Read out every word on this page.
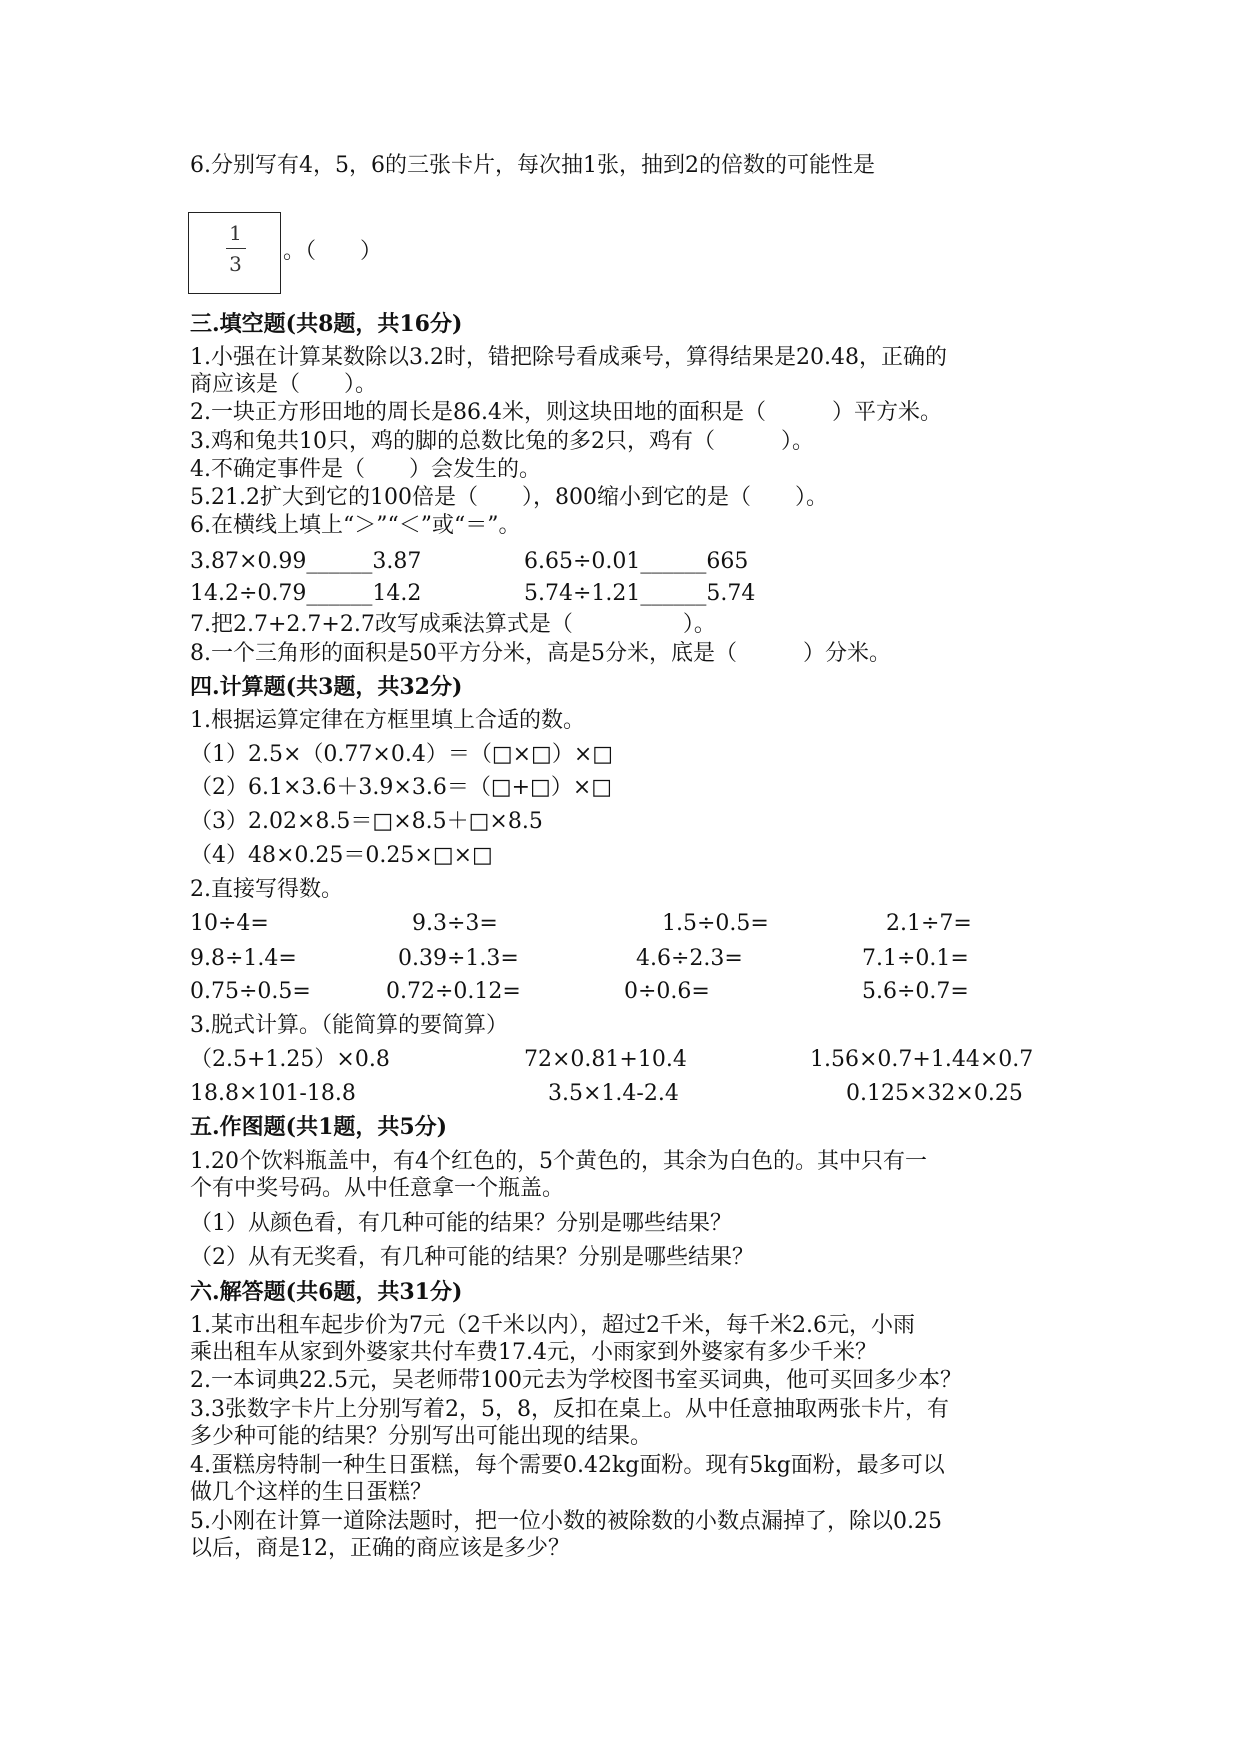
6.分别写有4，5，6的三张卡片，每次抽1张，抽到2的倍数的可能性是
1
3	。（　　）
三.填空题(共8题，共16分)
1.小强在计算某数除以3.2时，错把除号看成乘号，算得结果是20.48，正确的
商应该是（　　）。
2.一块正方形田地的周长是86.4米，则这块田地的面积是（　　　）平方米。
3.鸡和兔共10只，鸡的脚的总数比兔的多2只，鸡有（　　　）。
4.不确定事件是（　　）会发生的。
5.21.2扩大到它的100倍是（　　），800缩小到它的是（　　）。
6.在横线上填上“＞”“＜”或“＝”。
3.87×0.99______3.87	6.65÷0.01______665
14.2÷0.79______14.2	5.74÷1.21______5.74
7.把2.7+2.7+2.7改写成乘法算式是（　　　　　）。
8.一个三角形的面积是50平方分米，高是5分米，底是（　　　）分米。
四.计算题(共3题，共32分)
1.根据运算定律在方框里填上合适的数。
（1）2.5×（0.77×0.4）＝（□×□）×□
（2）6.1×3.6＋3.9×3.6＝（□+□）×□
（3）2.02×8.5＝□×8.5＋□×8.5
（4）48×0.25＝0.25×□×□
2.直接写得数。
10÷4=	9.3÷3=	1.5÷0.5=	2.1÷7=
9.8÷1.4=	0.39÷1.3=	4.6÷2.3=	7.1÷0.1=
0.75÷0.5=	0.72÷0.12=	0÷0.6=	5.6÷0.7=
3.脱式计算。（能简算的要简算）
（2.5+1.25）×0.8	72×0.81+10.4	1.56×0.7+1.44×0.7
18.8×101-18.8	3.5×1.4-2.4	0.125×32×0.25
五.作图题(共1题，共5分)
1.20个饮料瓶盖中，有4个红色的，5个黄色的，其余为白色的。其中只有一
个有中奖号码。从中任意拿一个瓶盖。
（1）从颜色看，有几种可能的结果？分别是哪些结果？
（2）从有无奖看，有几种可能的结果？分别是哪些结果？
六.解答题(共6题，共31分)
1.某市出租车起步价为7元（2千米以内），超过2千米，每千米2.6元，小雨
乘出租车从家到外婆家共付车费17.4元，小雨家到外婆家有多少千米？
2.一本词典22.5元，吴老师带100元去为学校图书室买词典，他可买回多少本？
3.3张数字卡片上分别写着2，5，8，反扣在桌上。从中任意抽取两张卡片，有
多少种可能的结果？分别写出可能出现的结果。
4.蛋糕房特制一种生日蛋糕，每个需要0.42kg面粉。现有5kg面粉，最多可以
做几个这样的生日蛋糕？
5.小刚在计算一道除法题时，把一位小数的被除数的小数点漏掉了，除以0.25
以后，商是12，正确的商应该是多少？
